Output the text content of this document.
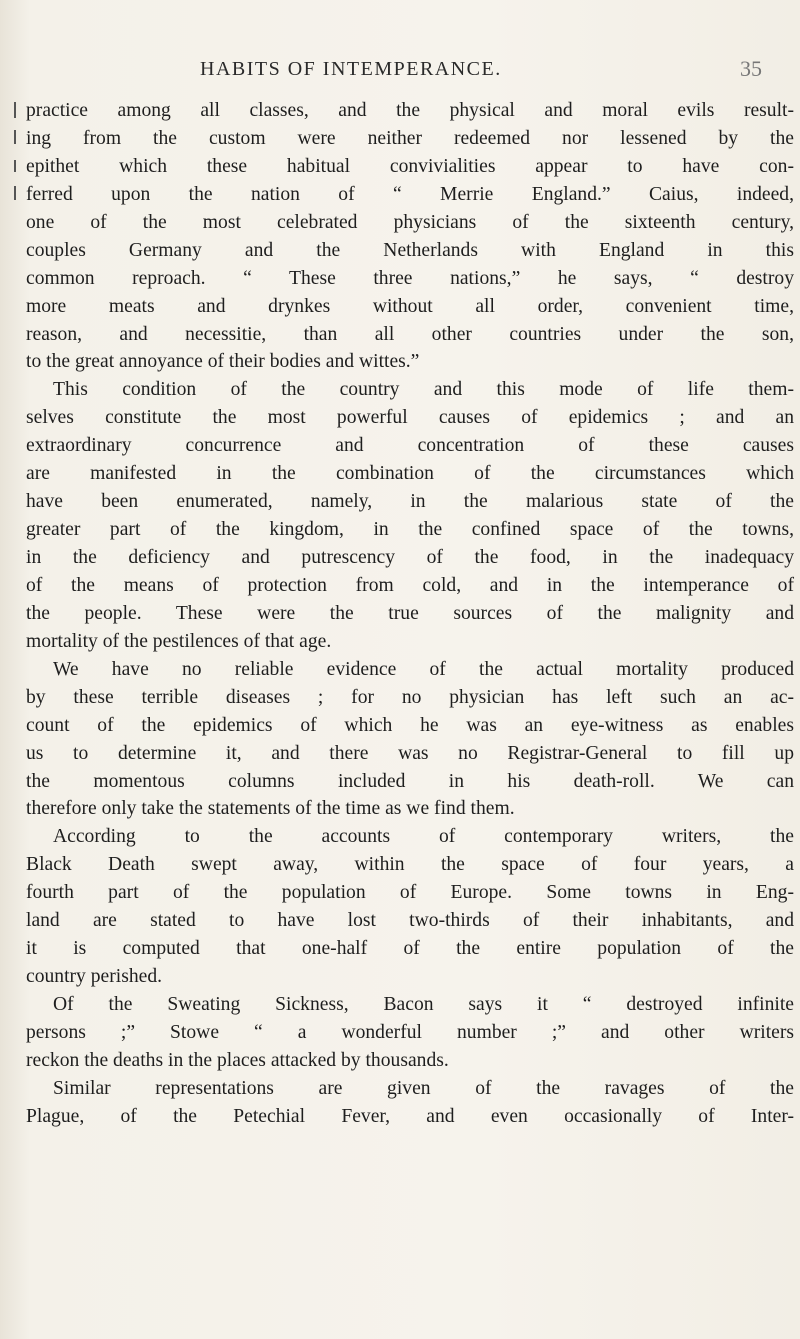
HABITS OF INTEMPERANCE.	35
practice among all classes, and the physical and moral evils result-
ing from the custom were neither redeemed nor lessened by the
epithet which these habitual convivialities appear to have con-
ferred upon the nation of “ Merrie England.” Caius, indeed,
one of the most celebrated physicians of the sixteenth century,
couples Germany and the Netherlands with England in this
common reproach. “ These three nations,” he says, “ destroy
more meats and drynkes without all order, convenient time,
reason, and necessitie, than all other countries under the son,
to the great annoyance of their bodies and wittes.”
This condition of the country and this mode of life them-
selves constitute the most powerful causes of epidemics ; and an
extraordinary concurrence and concentration of these causes
are manifested in the combination of the circumstances which
have been enumerated, namely, in the malarious state of the
greater part of the kingdom, in the confined space of the towns,
in the deficiency and putrescency of the food, in the inadequacy
of the means of protection from cold, and in the intemperance of
the people. These were the true sources of the malignity and
mortality of the pestilences of that age.
We have no reliable evidence of the actual mortality produced
by these terrible diseases ; for no physician has left such an ac-
count of the epidemics of which he was an eye-witness as enables
us to determine it, and there was no Registrar-General to fill up
the momentous columns included in his death-roll. We can
therefore only take the statements of the time as we find them.
According to the accounts of contemporary writers, the
Black Death swept away, within the space of four years, a
fourth part of the population of Europe. Some towns in Eng-
land are stated to have lost two-thirds of their inhabitants, and
it is computed that one-half of the entire population of the
country perished.
Of the Sweating Sickness, Bacon says it “ destroyed infinite
persons ;” Stowe “ a wonderful number ;” and other writers
reckon the deaths in the places attacked by thousands.
Similar representations are given of the ravages of the
Plague, of the Petechial Fever, and even occasionally of Inter-
